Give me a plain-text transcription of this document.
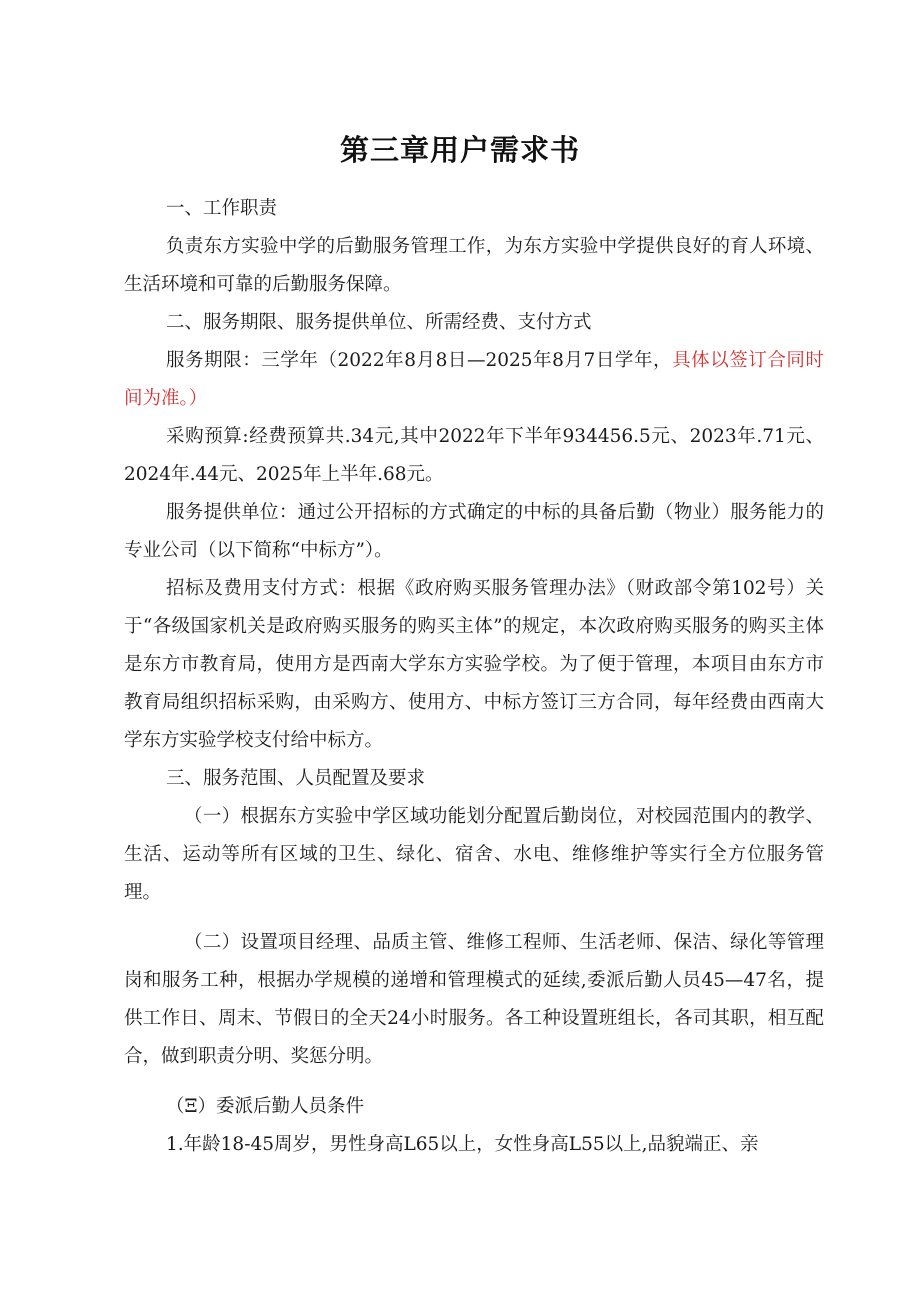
第三章用户需求书
一、工作职责

负责东方实验中学的后勤服务管理工作，为东方实验中学提供良好的育人环境、生活环境和可靠的后勤服务保障。

二、服务期限、服务提供单位、所需经费、支付方式

服务期限：三学年（2022年8月8日—2025年8月7日学年，具体以签订合同时间为准。）

采购预算:经费预算共.34元,其中2022年下半年934456.5元、2023年.71元、2024年.44元、2025年上半年.68元。

服务提供单位：通过公开招标的方式确定的中标的具备后勤（物业）服务能力的专业公司（以下简称“中标方”）。

招标及费用支付方式：根据《政府购买服务管理办法》（财政部令第102号）关于“各级国家机关是政府购买服务的购买主体”的规定，本次政府购买服务的购买主体是东方市教育局，使用方是西南大学东方实验学校。为了便于管理，本项目由东方市教育局组织招标采购，由采购方、使用方、中标方签订三方合同，每年经费由西南大学东方实验学校支付给中标方。

三、服务范围、人员配置及要求

（一）根据东方实验中学区域功能划分配置后勤岗位，对校园范围内的教学、生活、运动等所有区域的卫生、绿化、宿舍、水电、维修维护等实行全方位服务管理。

（二）设置项目经理、品质主管、维修工程师、生活老师、保洁、绿化等管理岗和服务工种，根据办学规模的递增和管理模式的延续,委派后勤人员45—47名，提供工作日、周末、节假日的全天24小时服务。各工种设置班组长，各司其职，相互配合，做到职责分明、奖惩分明。

（Ξ）委派后勤人员条件

1.年龄18-45周岁，男性身高L65以上，女性身高L55以上,品貌端正、亲
